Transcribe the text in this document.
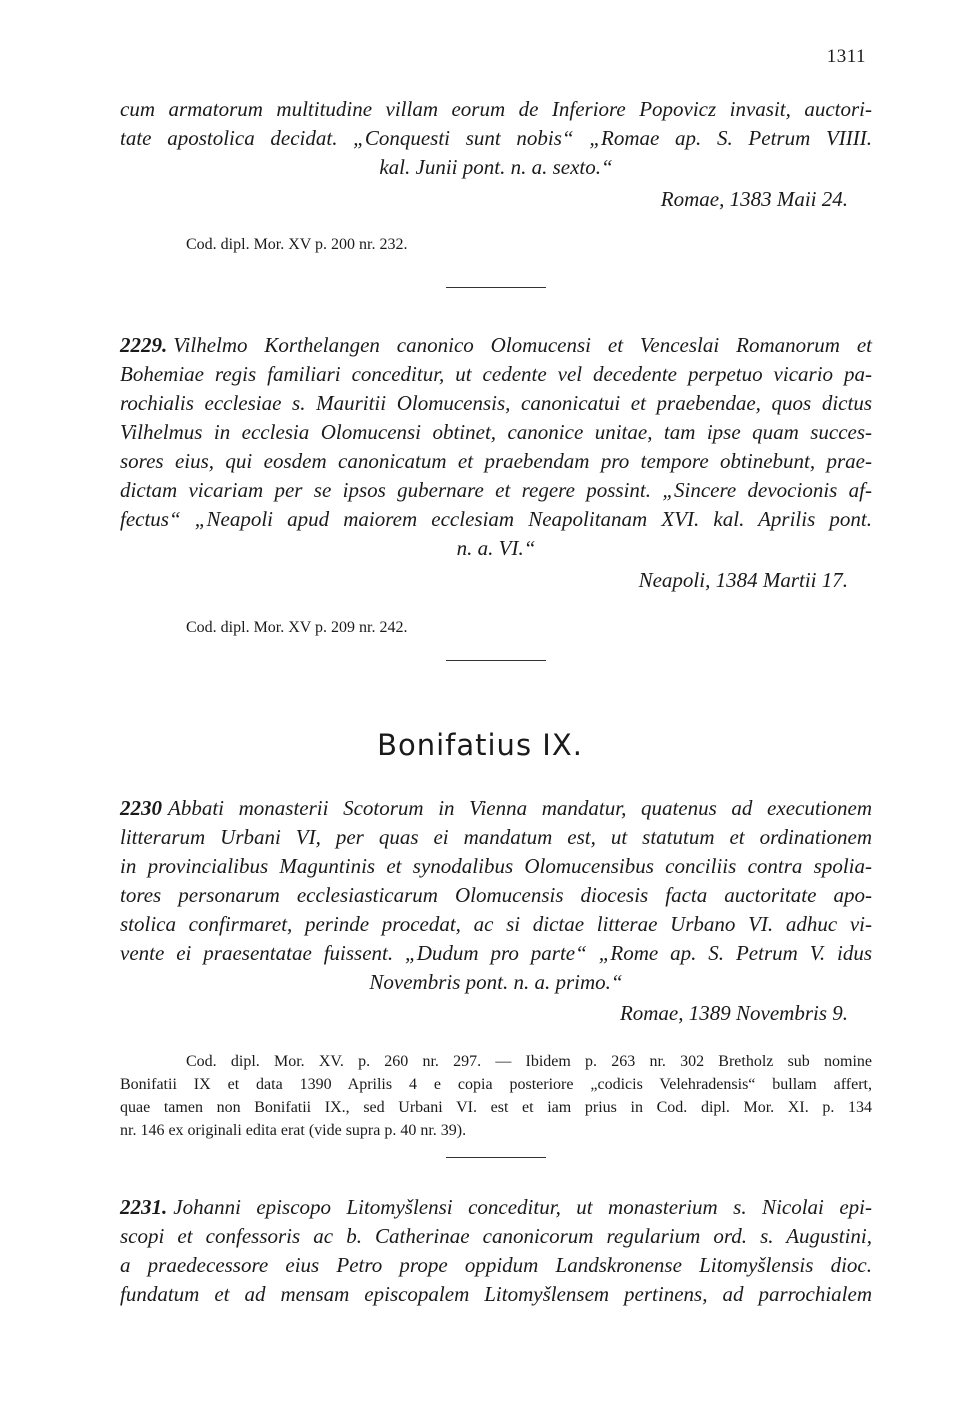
1311
cum armatorum multitudine villam eorum de Inferiore Popovicz invasit, auctori-
tate apostolica decidat. „Conquesti sunt nobis“ „Romae ap. S. Petrum VIIII.
kal. Junii pont. n. a. sexto.“
Romae, 1383 Maii 24.
Cod. dipl. Mor. XV p. 200 nr. 232.
2229. Vilhelmo Korthelangen canonico Olomucensi et Venceslai Romanorum et
Bohemiae regis familiari conceditur, ut cedente vel decedente perpetuo vicario pa-
rochialis ecclesiae s. Mauritii Olomucensis, canonicatui et praebendae, quos dictus
Vilhelmus in ecclesia Olomucensi obtinet, canonice unitae, tam ipse quam succes-
sores eius, qui eosdem canonicatum et praebendam pro tempore obtinebunt, prae-
dictam vicariam per se ipsos gubernare et regere possint. „Sincere devocionis af-
fectus“ „Neapoli apud maiorem ecclesiam Neapolitanam XVI. kal. Aprilis pont.
n. a. VI.“
Neapoli, 1384 Martii 17.
Cod. dipl. Mor. XV p. 209 nr. 242.
Bonifatius IX.
2230 Abbati monasterii Scotorum in Vienna mandatur, quatenus ad executionem
litterarum Urbani VI, per quas ei mandatum est, ut statutum et ordinationem
in provincialibus Maguntinis et synodalibus Olomucensibus conciliis contra spolia-
tores personarum ecclesiasticarum Olomucensis diocesis facta auctoritate apo-
stolica confirmaret, perinde procedat, ac si dictae litterae Urbano VI. adhuc vi-
vente ei praesentatae fuissent. „Dudum pro parte“ „Rome ap. S. Petrum V. idus
Novembris pont. n. a. primo.“
Romae, 1389 Novembris 9.
Cod. dipl. Mor. XV. p. 260 nr. 297. — Ibidem p. 263 nr. 302 Bretholz sub nomine
Bonifatii IX et data 1390 Aprilis 4 e copia posteriore „codicis Velehradensis“ bullam affert,
quae tamen non Bonifatii IX., sed Urbani VI. est et iam prius in Cod. dipl. Mor. XI. p. 134
nr. 146 ex originali edita erat (vide supra p. 40 nr. 39).
2231. Johanni episcopo Litomyšlensi conceditur, ut monasterium s. Nicolai epi-
scopi et confessoris ac b. Catherinae canonicorum regularium ord. s. Augustini,
a praedecessore eius Petro prope oppidum Landskronense Litomyšlensis dioc.
fundatum et ad mensam episcopalem Litomyšlensem pertinens, ad parrochialem
